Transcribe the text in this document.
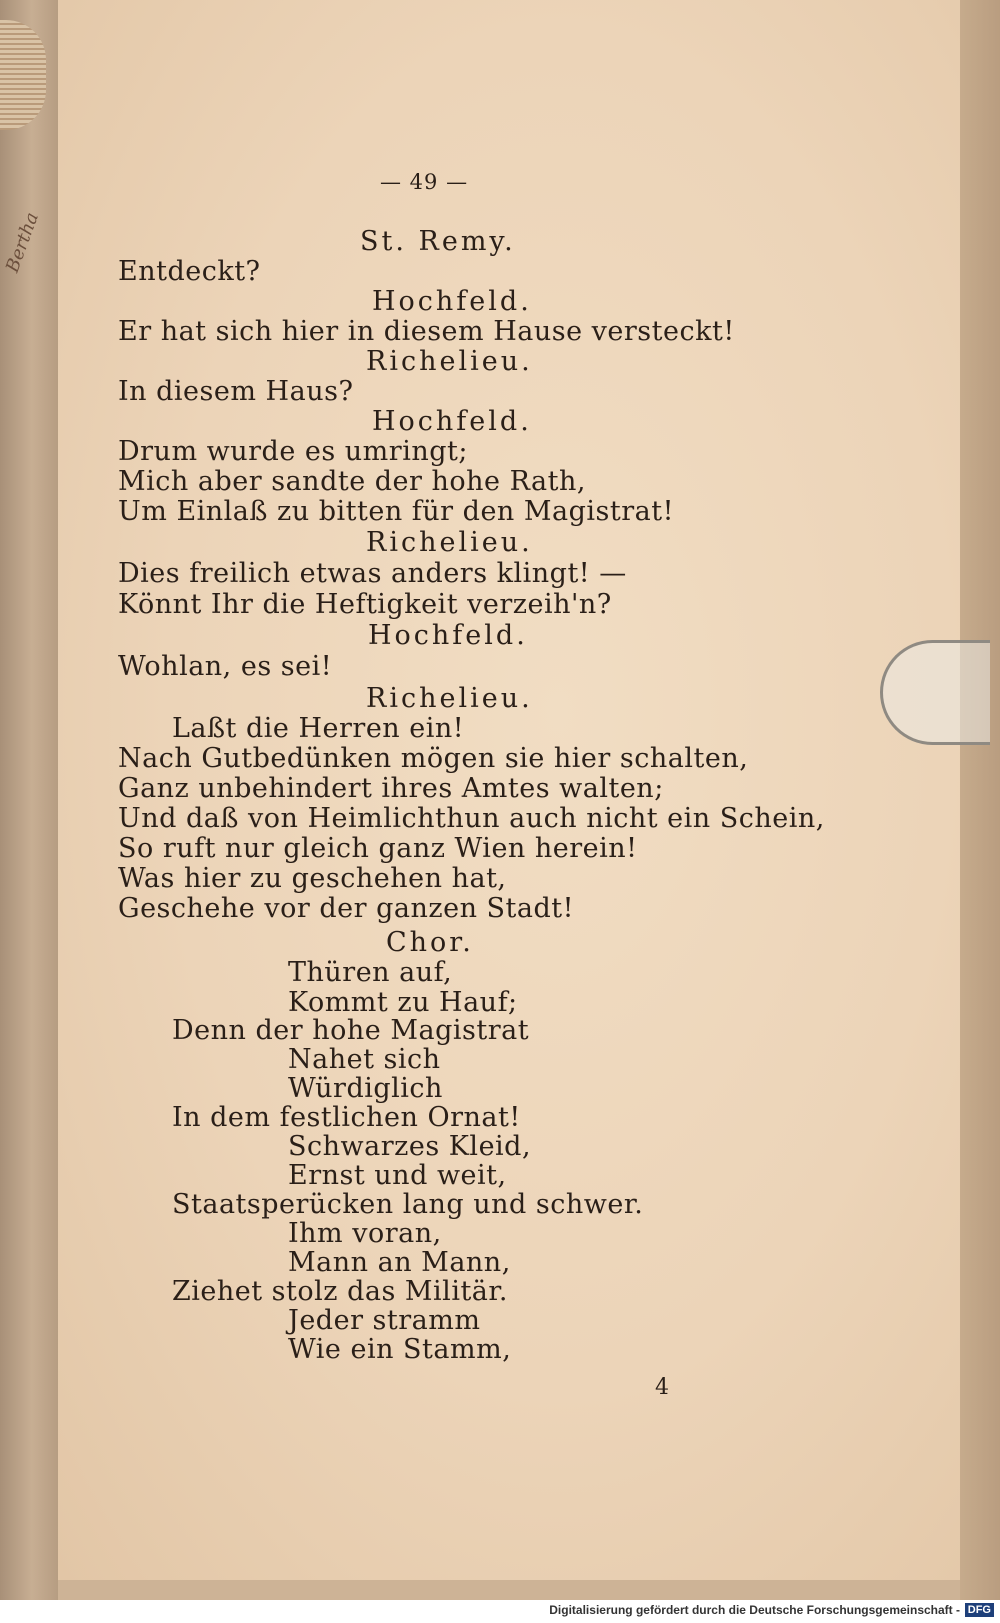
Bertha
— 49 —
St. Remy.
Entdeckt?
Hochfeld.
Er hat sich hier in diesem Hause versteckt!
Richelieu.
In diesem Haus?
Hochfeld.
Drum wurde es umringt;
Mich aber sandte der hohe Rath,
Um Einlaß zu bitten für den Magistrat!
Richelieu.
Dies freilich etwas anders klingt! —
Könnt Ihr die Heftigkeit verzeih'n?
Hochfeld.
Wohlan, es sei!
Richelieu.
Laßt die Herren ein!
Nach Gutbedünken mögen sie hier schalten,
Ganz unbehindert ihres Amtes walten;
Und daß von Heimlichthun auch nicht ein Schein,
So ruft nur gleich ganz Wien herein!
Was hier zu geschehen hat,
Geschehe vor der ganzen Stadt!
Chor.
Thüren auf,
Kommt zu Hauf;
Denn der hohe Magistrat
Nahet sich
Würdiglich
In dem festlichen Ornat!
Schwarzes Kleid,
Ernst und weit,
Staatsperücken lang und schwer.
Ihm voran,
Mann an Mann,
Ziehet stolz das Militär.
Jeder stramm
Wie ein Stamm,
4
Digitalisierung gefördert durch die Deutsche Forschungsgemeinschaft - DFG
